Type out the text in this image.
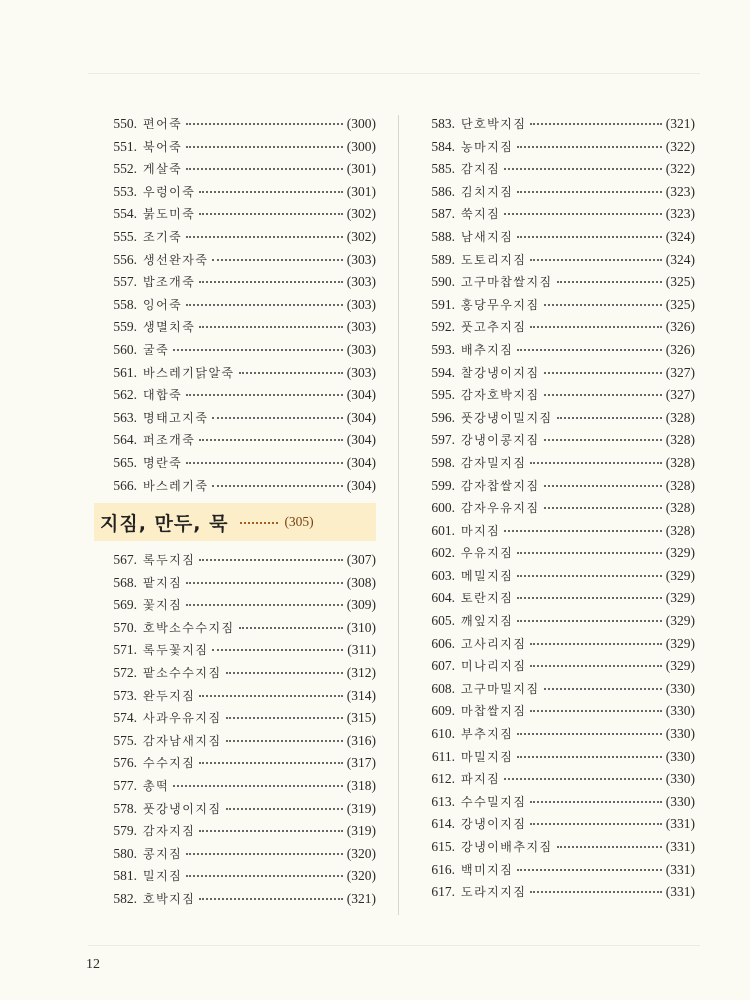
550. 편어죽	(300)
551. 북어죽	(300)
552. 게살죽	(301)
553. 우렁이죽	(301)
554. 붉도미죽	(302)
555. 조기죽	(302)
556. 생선완자죽	(303)
557. 밥조개죽	(303)
558. 잉어죽	(303)
559. 생멸치죽	(303)
560. 굴죽	(303)
561. 바스레기닭알죽	(303)
562. 대합죽	(304)
563. 명태고지죽	(304)
564. 퍼조개죽	(304)
565. 명란죽	(304)
566. 바스레기죽	(304)
지짐, 만두, 묵	(305)
567. 록두지짐	(307)
568. 팥지짐	(308)
569. 꽃지짐	(309)
570. 호박소수수지짐	(310)
571. 록두꽃지짐	(311)
572. 팥소수수지짐	(312)
573. 완두지짐	(314)
574. 사과우유지짐	(315)
575. 감자남새지짐	(316)
576. 수수지짐	(317)
577. 총떡	(318)
578. 풋강냉이지짐	(319)
579. 감자지짐	(319)
580. 콩지짐	(320)
581. 밀지짐	(320)
582. 호박지짐	(321)
583. 단호박지짐	(321)
584. 농마지짐	(322)
585. 감지짐	(322)
586. 김치지짐	(323)
587. 쑥지짐	(323)
588. 남새지짐	(324)
589. 도토리지짐	(324)
590. 고구마찹쌀지짐	(325)
591. 홍당무우지짐	(325)
592. 풋고추지짐	(326)
593. 배추지짐	(326)
594. 찰강냉이지짐	(327)
595. 감자호박지짐	(327)
596. 풋강냉이밀지짐	(328)
597. 강냉이콩지짐	(328)
598. 감자밀지짐	(328)
599. 감자찹쌀지짐	(328)
600. 감자우유지짐	(328)
601. 마지짐	(328)
602. 우유지짐	(329)
603. 메밀지짐	(329)
604. 토란지짐	(329)
605. 깨잎지짐	(329)
606. 고사리지짐	(329)
607. 미나리지짐	(329)
608. 고구마밀지짐	(330)
609. 마찹쌀지짐	(330)
610. 부추지짐	(330)
611. 마밀지짐	(330)
612. 파지짐	(330)
613. 수수밀지짐	(330)
614. 강냉이지짐	(331)
615. 강냉이배추지짐	(331)
616. 백미지짐	(331)
617. 도라지지짐	(331)
12
